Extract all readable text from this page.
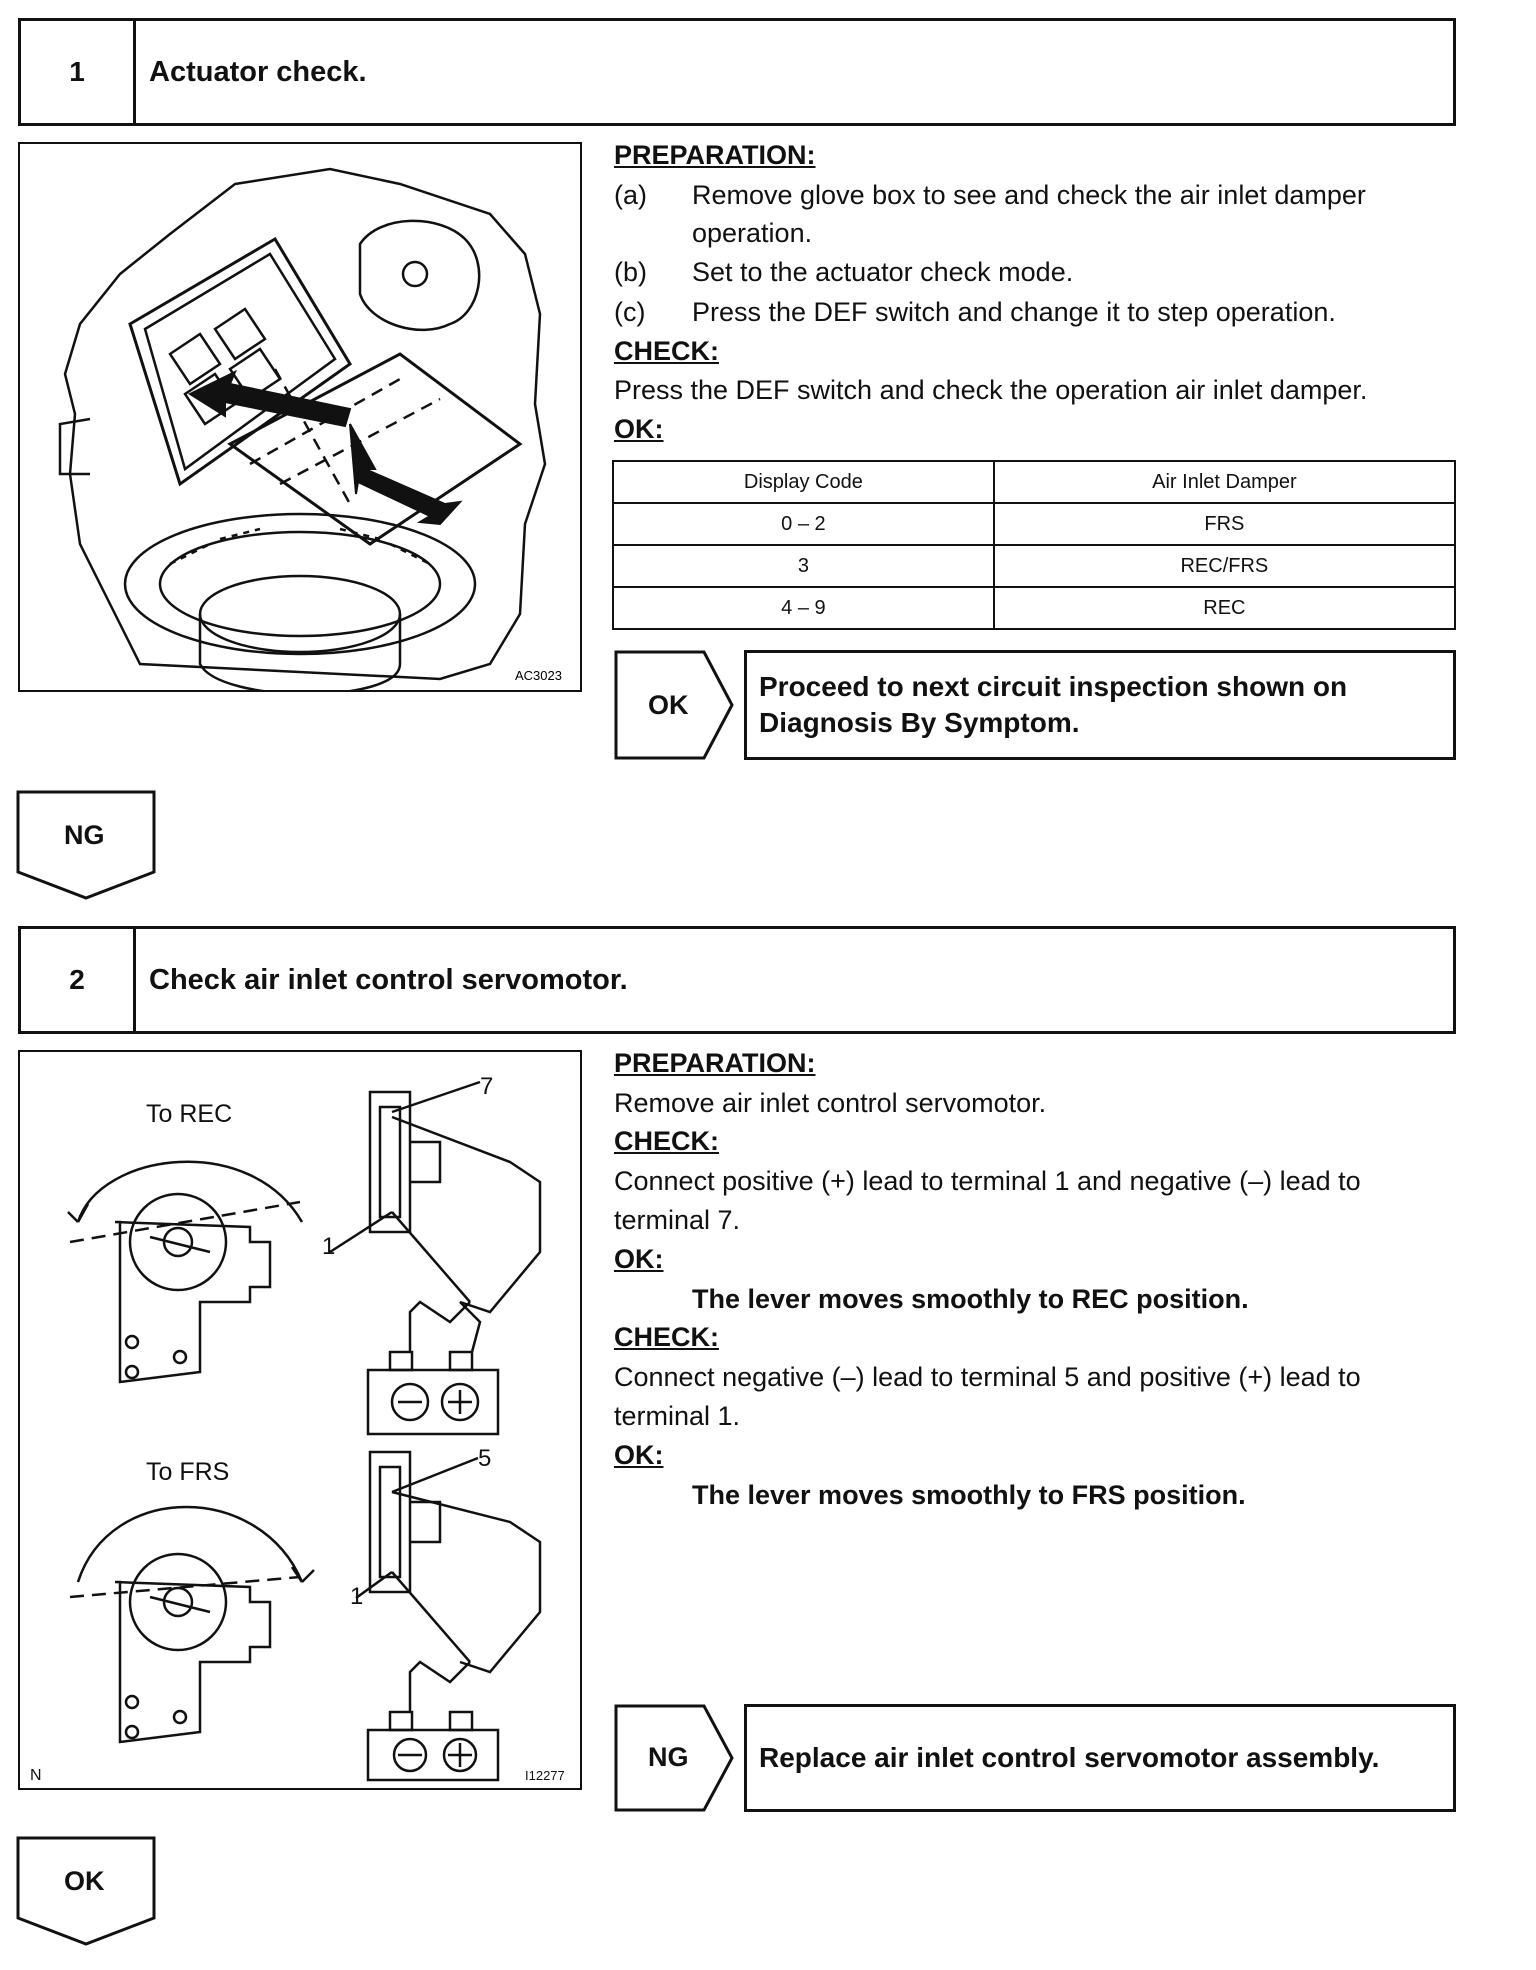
1	Actuator check.
AC3023
PREPARATION:
(a) Remove glove box to see and check the air inlet damper
operation.
(b) Set to the actuator check mode.
(c) Press the DEF switch and change it to step operation.
CHECK:
Press the DEF switch and check the operation air inlet damper.
OK:
Display Code	Air Inlet Damper
0 – 2	FRS
3	REC/FRS
4 – 9	REC
OK
Proceed to next circuit inspection shown on
Diagnosis By Symptom.
NG
2	Check air inlet control servomotor.
To REC
To FRS
7
1
5
1
N	I12277
PREPARATION:
Remove air inlet control servomotor.
CHECK:
Connect positive (+) lead to terminal 1 and negative (–) lead to
terminal 7.
OK:
The lever moves smoothly to REC position.
CHECK:
Connect negative (–) lead to terminal 5 and positive (+) lead to
terminal 1.
OK:
The lever moves smoothly to FRS position.
NG	Replace air inlet control servomotor assembly.
OK
